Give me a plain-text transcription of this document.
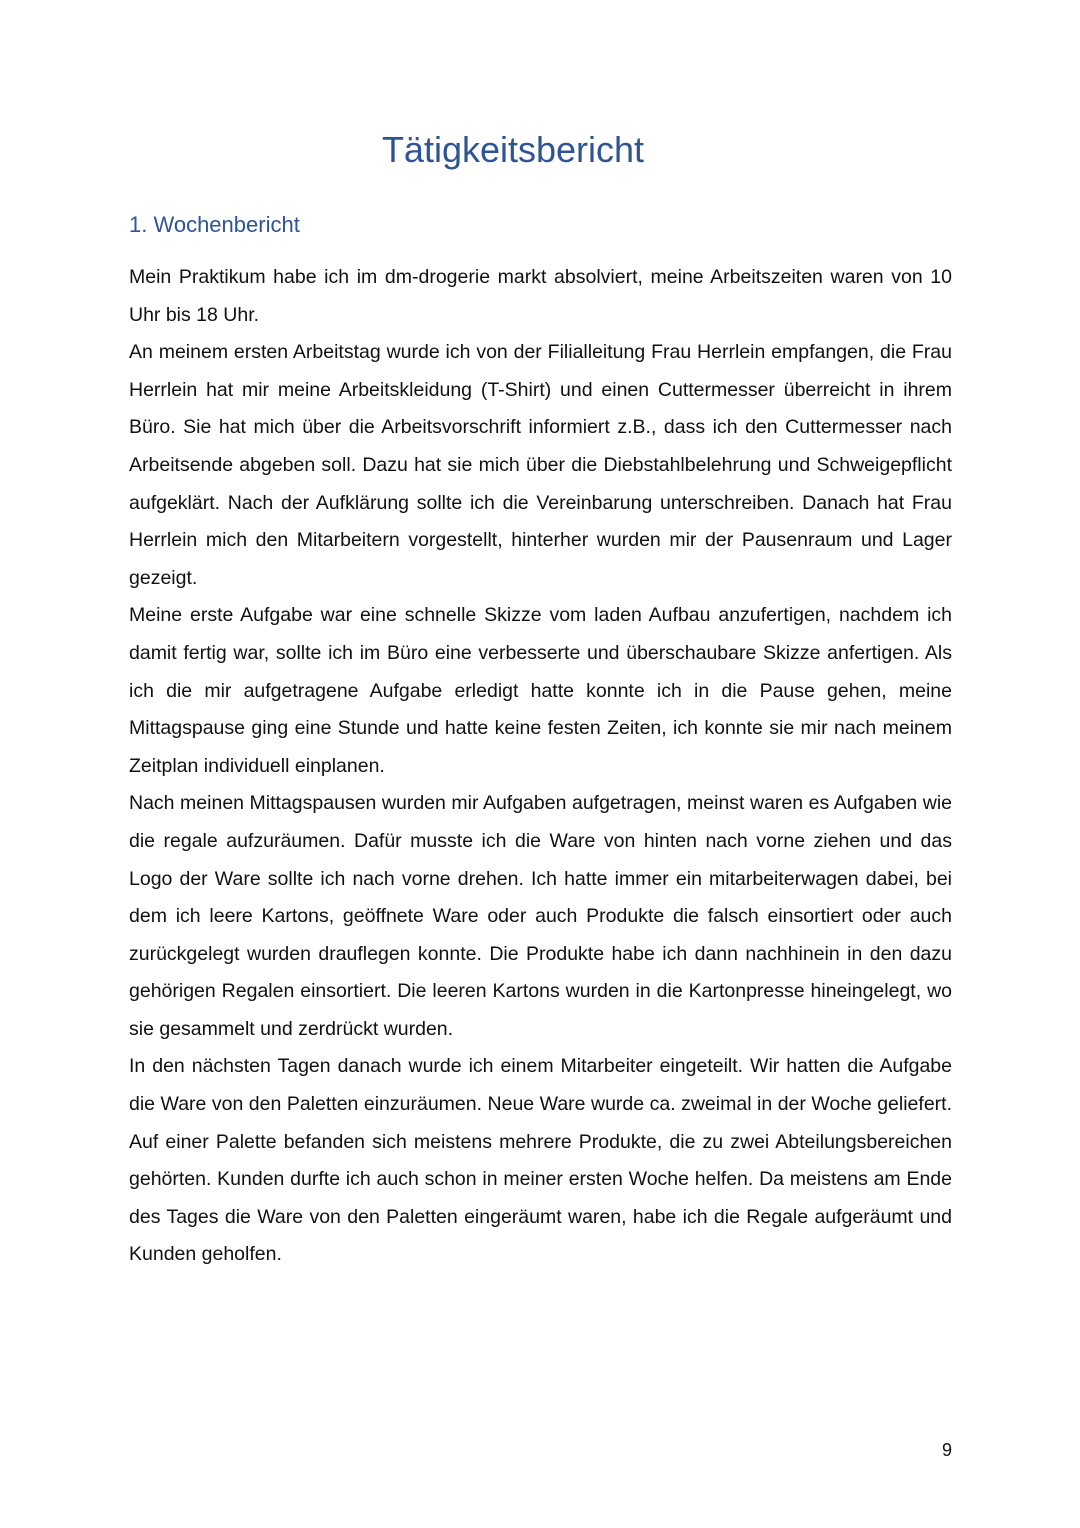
Tätigkeitsbericht
1. Wochenbericht

Mein Praktikum habe ich im dm-drogerie markt absolviert, meine Arbeitszeiten waren von 10 Uhr bis 18 Uhr.

An meinem ersten Arbeitstag wurde ich von der Filialleitung Frau Herrlein empfangen, die Frau Herrlein hat mir meine Arbeitskleidung (T-Shirt) und einen Cuttermesser überreicht in ihrem Büro. Sie hat mich über die Arbeitsvorschrift informiert z.B., dass ich den Cuttermesser nach Arbeitsende abgeben soll. Dazu hat sie mich über die Diebstahlbelehrung und Schweigepflicht aufgeklärt. Nach der Aufklärung sollte ich die Vereinbarung unterschreiben. Danach hat Frau Herrlein mich den Mitarbeitern vorgestellt, hinterher wurden mir der Pausenraum und Lager gezeigt.

Meine erste Aufgabe war eine schnelle Skizze vom laden Aufbau anzufertigen, nachdem ich damit fertig war, sollte ich im Büro eine verbesserte und überschaubare Skizze anfertigen. Als ich die mir aufgetragene Aufgabe erledigt hatte konnte ich in die Pause gehen, meine Mittagspause ging eine Stunde und hatte keine festen Zeiten, ich konnte sie mir nach meinem Zeitplan individuell einplanen.

Nach meinen Mittagspausen wurden mir Aufgaben aufgetragen, meinst waren es Aufgaben wie die regale aufzuräumen. Dafür musste ich die Ware von hinten nach vorne ziehen und das Logo der Ware sollte ich nach vorne drehen. Ich hatte immer ein mitarbeiterwagen dabei, bei dem ich leere Kartons, geöffnete Ware oder auch Produkte die falsch einsortiert oder auch zurückgelegt wurden drauflegen konnte. Die Produkte habe ich dann nachhinein in den dazu gehörigen Regalen einsortiert. Die leeren Kartons wurden in die Kartonpresse hineingelegt, wo sie gesammelt und zerdrückt wurden.

In den nächsten Tagen danach wurde ich einem Mitarbeiter eingeteilt. Wir hatten die Aufgabe die Ware von den Paletten einzuräumen. Neue Ware wurde ca. zweimal in der Woche geliefert. Auf einer Palette befanden sich meistens mehrere Produkte, die zu zwei Abteilungsbereichen gehörten. Kunden durfte ich auch schon in meiner ersten Woche helfen. Da meistens am Ende des Tages die Ware von den Paletten eingeräumt waren, habe ich die Regale aufgeräumt und Kunden geholfen.

9
